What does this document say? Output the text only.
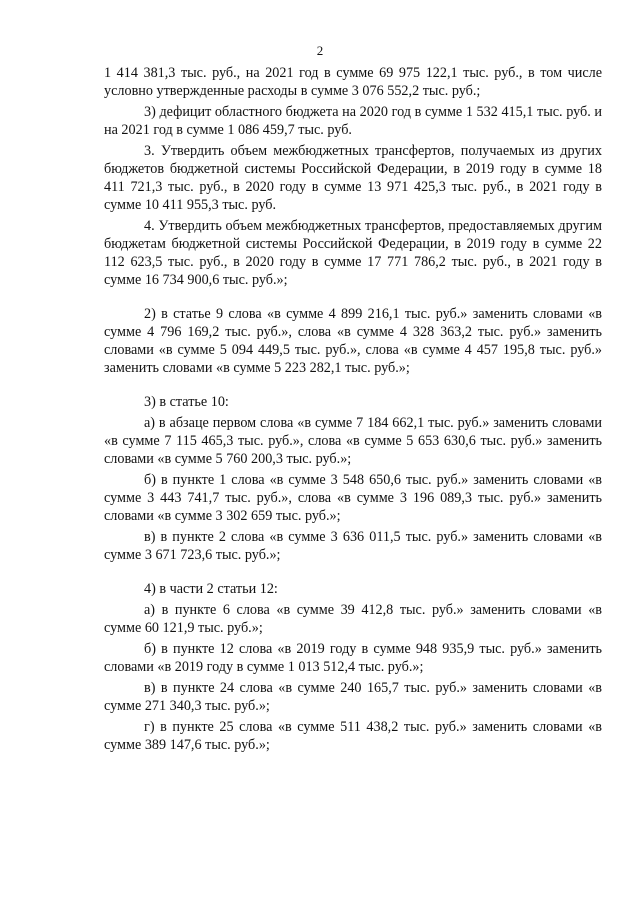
2

1 414 381,3 тыс. руб., на 2021 год в сумме 69 975 122,1 тыс. руб., в том числе условно утвержденные расходы в сумме 3 076 552,2 тыс. руб.;

3) дефицит областного бюджета на 2020 год в сумме 1 532 415,1 тыс. руб. и на 2021 год в сумме 1 086 459,7 тыс. руб.

3. Утвердить объем межбюджетных трансфертов, получаемых из других бюджетов бюджетной системы Российской Федерации, в 2019 году в сумме 18 411 721,3 тыс. руб., в 2020 году в сумме 13 971 425,3 тыс. руб., в 2021 году в сумме 10 411 955,3 тыс. руб.

4. Утвердить объем межбюджетных трансфертов, предоставляемых другим бюджетам бюджетной системы Российской Федерации, в 2019 году в сумме 22 112 623,5 тыс. руб., в 2020 году в сумме 17 771 786,2 тыс. руб., в 2021 году в сумме 16 734 900,6 тыс. руб.»;

2) в статье 9 слова «в сумме 4 899 216,1 тыс. руб.» заменить словами «в сумме 4 796 169,2 тыс. руб.», слова «в сумме 4 328 363,2 тыс. руб.» заменить словами «в сумме 5 094 449,5 тыс. руб.», слова «в сумме 4 457 195,8 тыс. руб.» заменить словами «в сумме 5 223 282,1 тыс. руб.»;

3) в статье 10:

а) в абзаце первом слова «в сумме 7 184 662,1 тыс. руб.» заменить словами «в сумме 7 115 465,3 тыс. руб.», слова «в сумме 5 653 630,6 тыс. руб.» заменить словами «в сумме 5 760 200,3 тыс. руб.»;

б) в пункте 1 слова «в сумме 3 548 650,6 тыс. руб.» заменить словами «в сумме 3 443 741,7 тыс. руб.», слова «в сумме 3 196 089,3 тыс. руб.» заменить словами «в сумме 3 302 659 тыс. руб.»;

в) в пункте 2 слова «в сумме 3 636 011,5 тыс. руб.» заменить словами «в сумме 3 671 723,6 тыс. руб.»;

4) в части 2 статьи 12:

а) в пункте 6 слова «в сумме 39 412,8 тыс. руб.» заменить словами «в сумме 60 121,9 тыс. руб.»;

б) в пункте 12 слова «в 2019 году в сумме 948 935,9 тыс. руб.» заменить словами «в 2019 году в сумме 1 013 512,4 тыс. руб.»;

в) в пункте 24 слова «в сумме 240 165,7 тыс. руб.» заменить словами «в сумме 271 340,3 тыс. руб.»;

г) в пункте 25 слова «в сумме 511 438,2 тыс. руб.» заменить словами «в сумме 389 147,6 тыс. руб.»;
